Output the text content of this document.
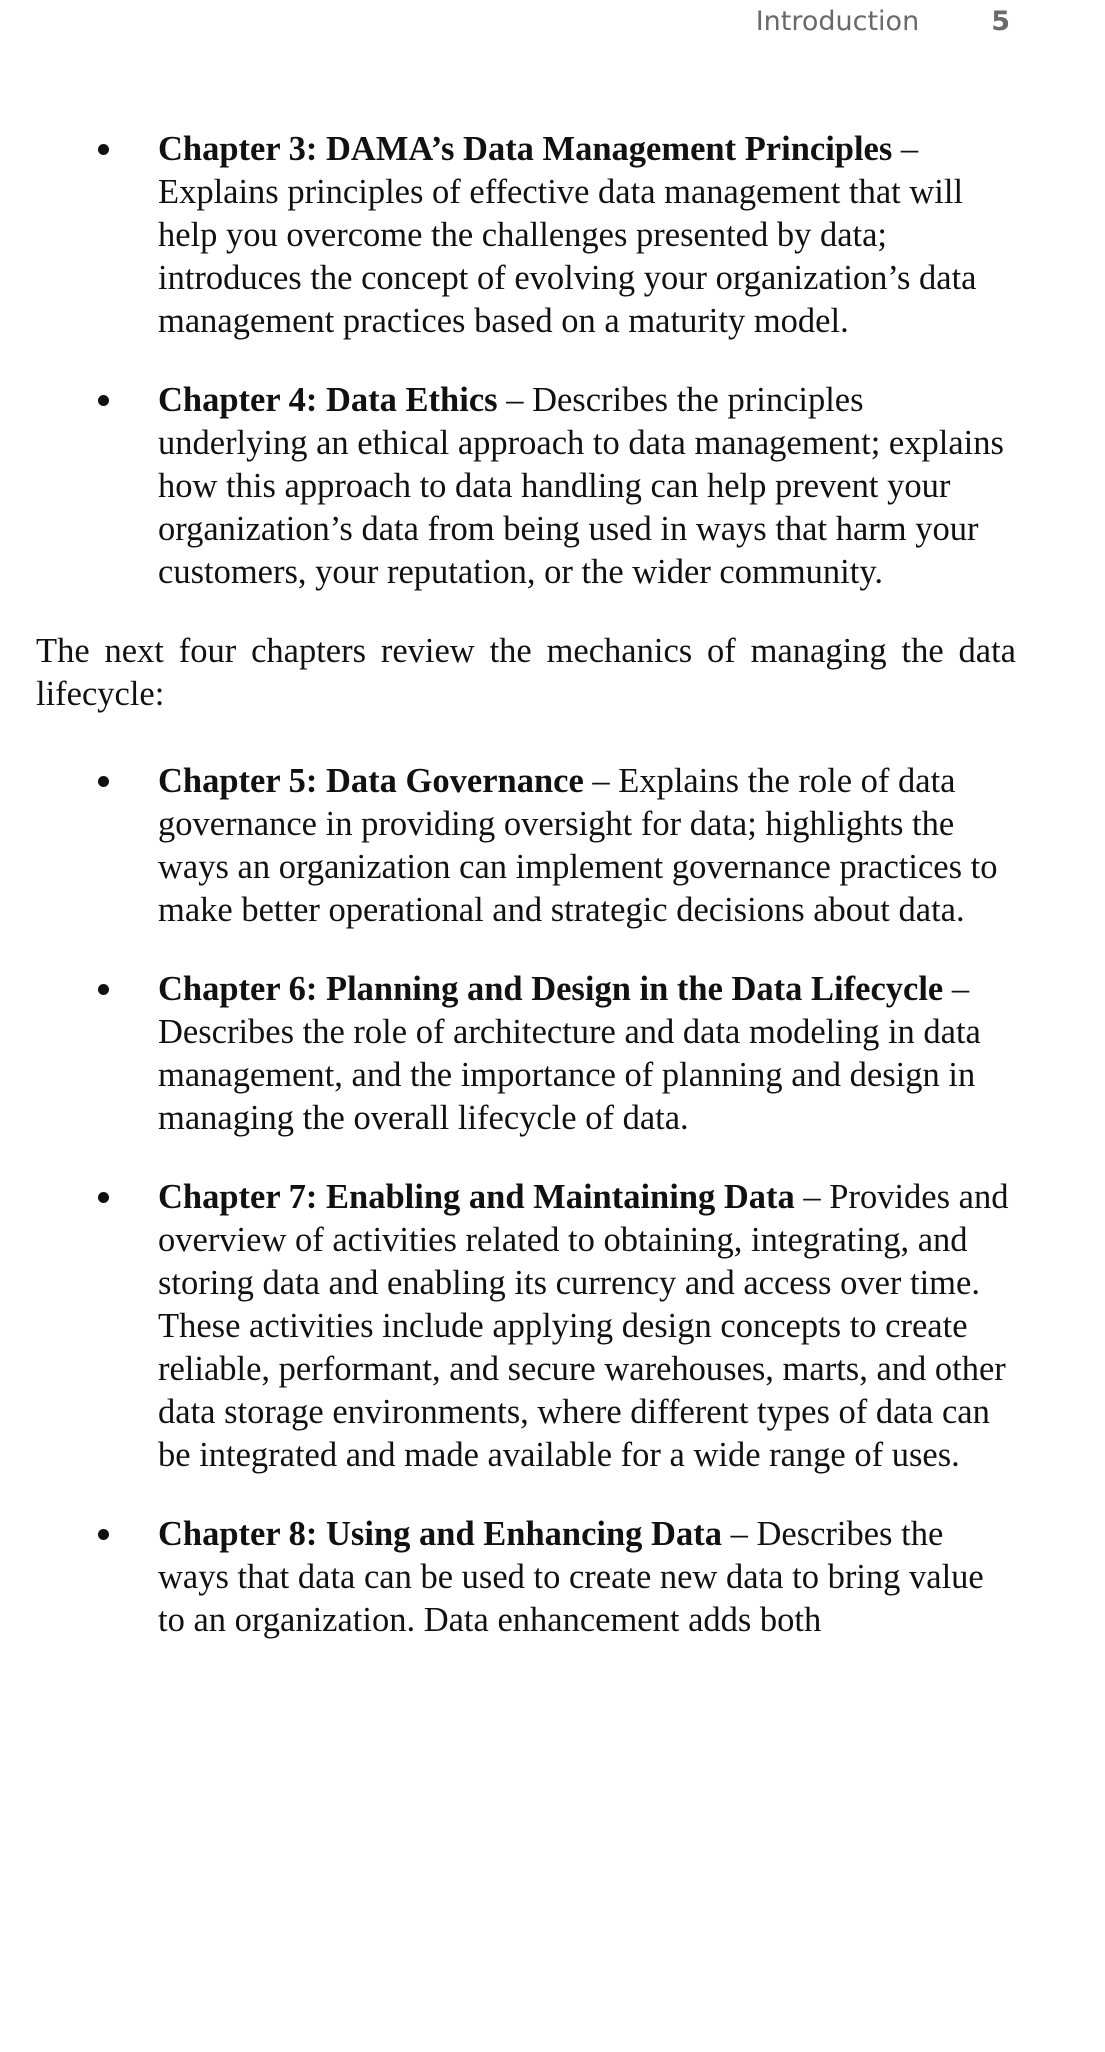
Introduction	5
Chapter 3: DAMA’s Data Management Principles – Explains principles of effective data management that will help you overcome the challenges presented by data; introduces the concept of evolving your organization’s data management practices based on a maturity model.
Chapter 4: Data Ethics – Describes the principles underlying an ethical approach to data management; explains how this approach to data handling can help prevent your organization’s data from being used in ways that harm your customers, your reputation, or the wider community.

The next four chapters review the mechanics of managing the data lifecycle:

Chapter 5: Data Governance – Explains the role of data governance in providing oversight for data; highlights the ways an organization can implement governance practices to make better operational and strategic decisions about data.
Chapter 6: Planning and Design in the Data Lifecycle – Describes the role of architecture and data modeling in data management, and the importance of planning and design in managing the overall lifecycle of data.
Chapter 7: Enabling and Maintaining Data – Provides and overview of activities related to obtaining, integrating, and storing data and enabling its currency and access over time. These activities include applying design concepts to create reliable, performant, and secure warehouses, marts, and other data storage environments, where different types of data can be integrated and made available for a wide range of uses.
Chapter 8: Using and Enhancing Data – Describes the ways that data can be used to create new data to bring value to an organization. Data enhancement adds both
